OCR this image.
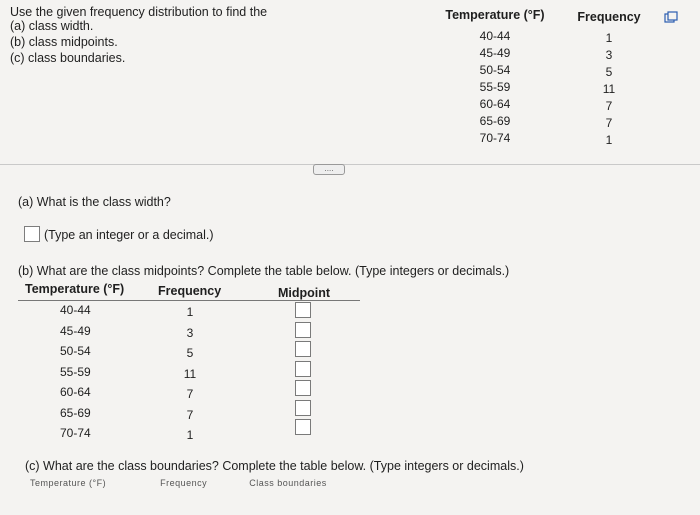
Use the given frequency distribution to find the
(a) class width.
(b) class midpoints.
(c) class boundaries.
Temperature (°F)	Frequency
40-44	1
45-49	3
50-54	5
55-59	11
60-64	7
65-69	7
70-74	1
....
(a) What is the class width?
(Type an integer or a decimal.)
(b) What are the class midpoints? Complete the table below. (Type integers or decimals.)
Temperature (°F)	Frequency	Midpoint
40-44	1
45-49	3
50-54	5
55-59	11
60-64	7
65-69	7
70-74	1
(c) What are the class boundaries? Complete the table below. (Type integers or decimals.)
Temperature (°F)	Frequency	Class boundaries
